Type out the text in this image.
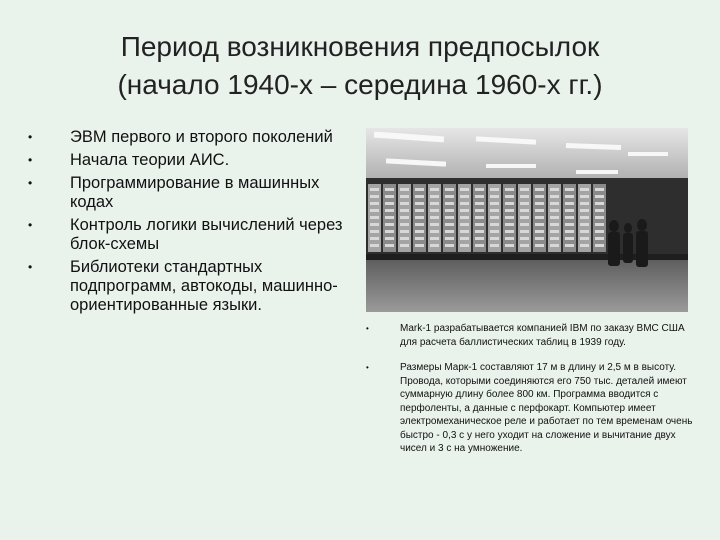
Период возникновения предпосылок
(начало 1940-х – середина 1960-х гг.)
• ЭВМ первого и второго поколений
• Начала теории АИС.
• Программирование в машинных кодах
• Контроль логики вычислений через блок-схемы
• Библиотеки стандартных подпрограмм, автокоды, машинно-ориентированные языки.
•	Mark-1 разрабатывается компанией IBM по заказу ВМС США для расчета баллистических таблиц в 1939 году.
•	Размеры Марк-1 составляют 17 м в длину и 2,5 м в высоту. Провода, которыми соединяются его 750 тыс. деталей имеют суммарную длину более 800 км. Программа вводится с перфоленты, а данные с перфокарт. Компьютер имеет электромеханическое реле и работает по тем временам очень быстро - 0,3 с у него уходит на сложение и вычитание двух чисел и 3 с на умножение.
